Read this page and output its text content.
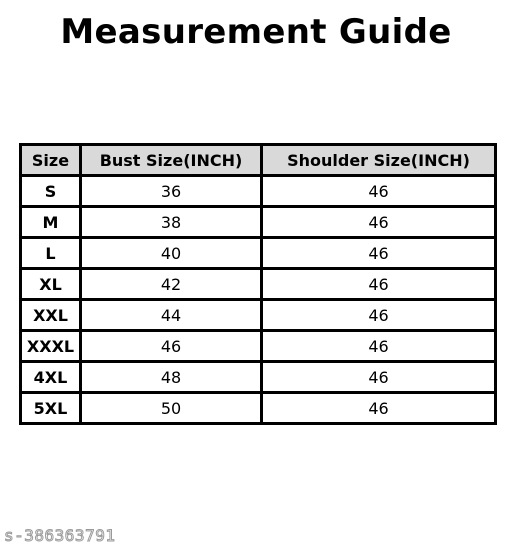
Measurement Guide
Size	Bust Size(INCH)	Shoulder Size(INCH)
S	36	46
M	38	46
L	40	46
XL	42	46
XXL	44	46
XXXL	46	46
4XL	48	46
5XL	50	46
s-386363791
